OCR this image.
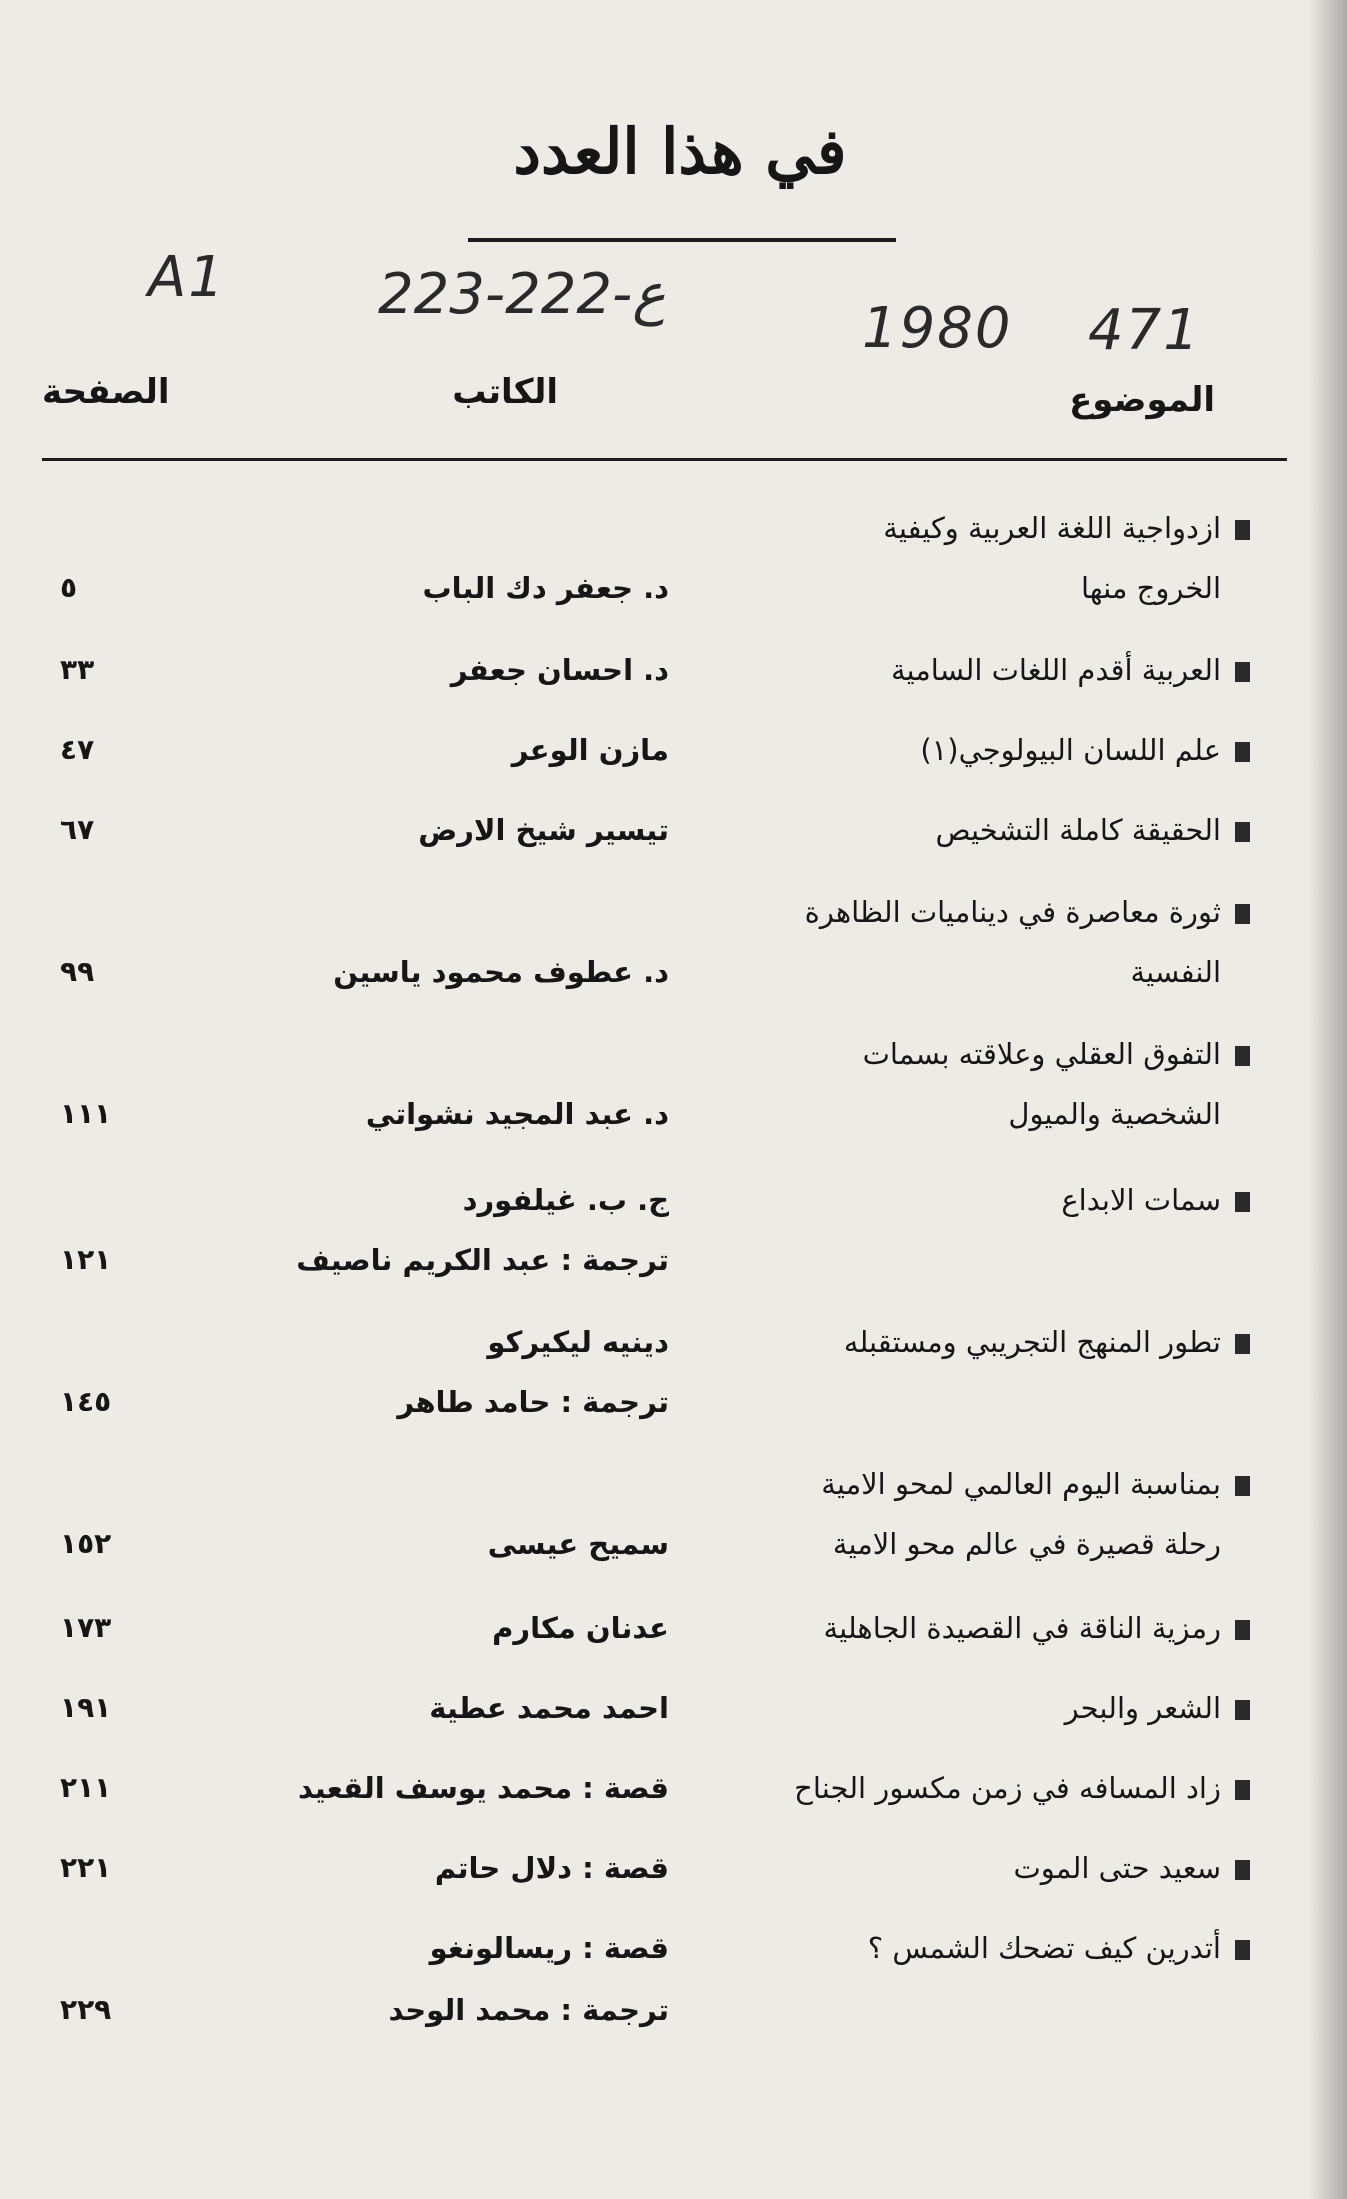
في هذا العدد
A1	223-222-ع
1980 471
الموضوع
الكاتب
الصفحة
ازدواجية اللغة العربية وكيفية
الخروج منها
د. جعفر دك الباب
٥
العربية أقدم اللغات السامية
د. احسان جعفر
٣٣
علم اللسان البيولوجي(١)
مازن الوعر
٤٧
الحقيقة كاملة التشخيص
تيسير شيخ الارض
٦٧
ثورة معاصرة في ديناميات الظاهرة
النفسية
د. عطوف محمود ياسين
٩٩
التفوق العقلي وعلاقته بسمات
الشخصية والميول
د. عبد المجيد نشواتي
١١١
سمات الابداع
ج. ب. غيلفورد
ترجمة : عبد الكريم ناصيف
١٢١
تطور المنهج التجريبي ومستقبله
دينيه ليكيركو
ترجمة : حامد طاهر
١٤٥
بمناسبة اليوم العالمي لمحو الامية
رحلة قصيرة في عالم محو الامية
سميح عيسى
١٥٢
رمزية الناقة في القصيدة الجاهلية
عدنان مكارم
١٧٣
الشعر والبحر
احمد محمد عطية
١٩١
زاد المسافه في زمن مكسور الجناح
قصة : محمد يوسف القعيد
٢١١
سعيد حتى الموت
قصة : دلال حاتم
٢٢١
أتدرين كيف تضحك الشمس ؟
قصة : ريسالونغو
ترجمة : محمد الوحد
٢٢٩
